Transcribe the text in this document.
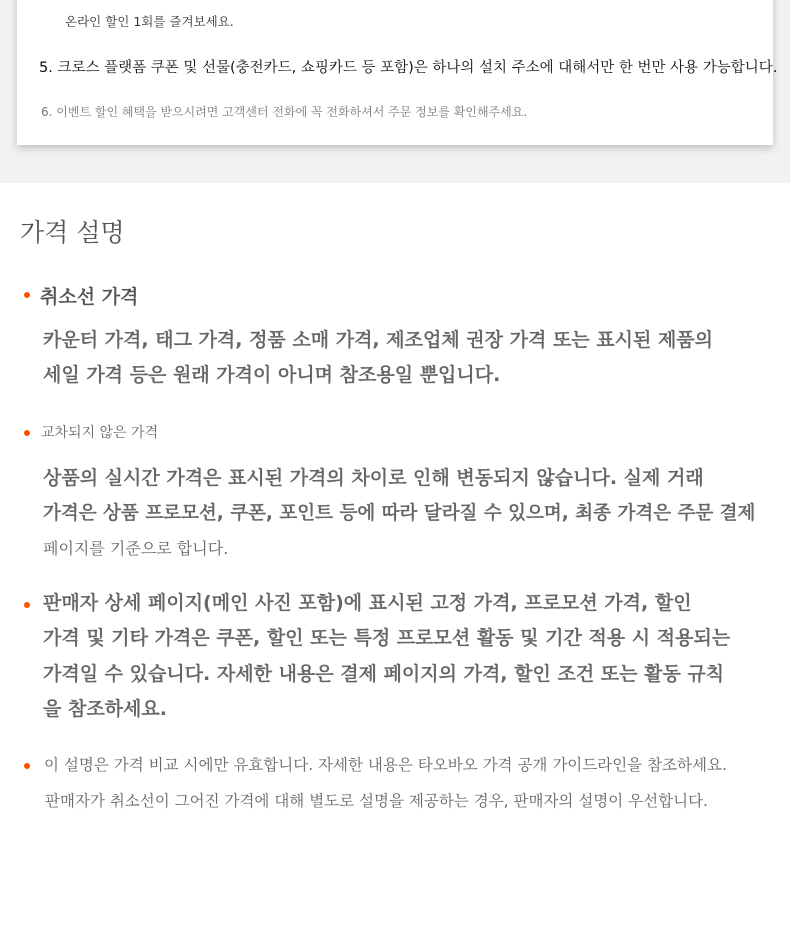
온라인 할인 1회를 즐겨보세요.
5. 크로스 플랫폼 쿠폰 및 선물(충전카드, 쇼핑카드 등 포함)은 하나의 설치 주소에 대해서만 한 번만 사용 가능합니다.
6. 이벤트 할인 혜택을 받으시려면 고객센터 전화에 꼭 전화하셔서 주문 정보를 확인해주세요.
가격 설명
취소선 가격
카운터 가격, 태그 가격, 정품 소매 가격, 제조업체 권장 가격 또는 표시된 제품의
세일 가격 등은 원래 가격이 아니며 참조용일 뿐입니다.
교차되지 않은 가격
상품의 실시간 가격은 표시된 가격의 차이로 인해 변동되지 않습니다. 실제 거래
가격은 상품 프로모션, 쿠폰, 포인트 등에 따라 달라질 수 있으며, 최종 가격은 주문 결제
페이지를 기준으로 합니다.
판매자 상세 페이지(메인 사진 포함)에 표시된 고정 가격, 프로모션 가격, 할인
가격 및 기타 가격은 쿠폰, 할인 또는 특정 프로모션 활동 및 기간 적용 시 적용되는
가격일 수 있습니다. 자세한 내용은 결제 페이지의 가격, 할인 조건 또는 활동 규칙
을 참조하세요.
이 설명은 가격 비교 시에만 유효합니다. 자세한 내용은 타오바오 가격 공개 가이드라인을 참조하세요.
판매자가 취소선이 그어진 가격에 대해 별도로 설명을 제공하는 경우, 판매자의 설명이 우선합니다.
